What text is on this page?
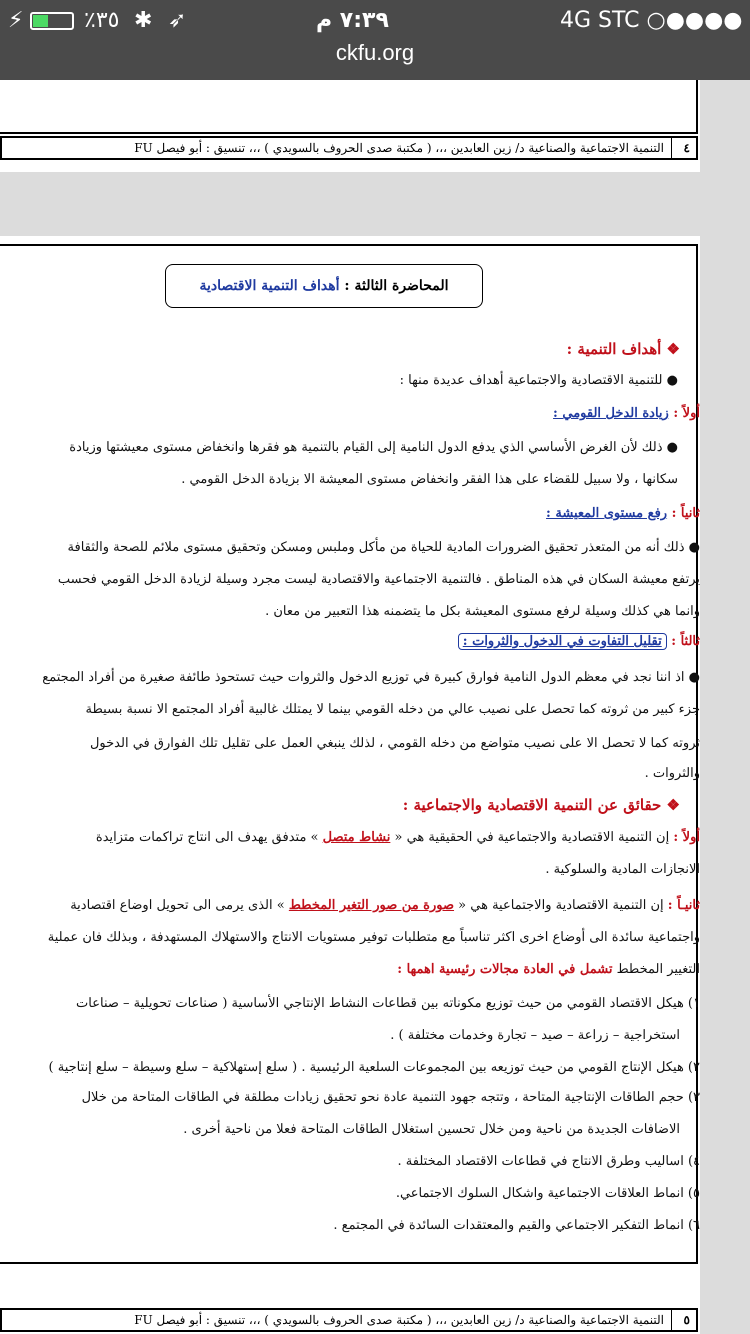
⚡	٪٣٥ ✱ ➶	٧:٣٩ م	4G STC ○●●●●
ckfu.org
٤
التنمية الاجتماعية والصناعية د/ زين العابدين ،،، ( مكتبة صدى الحروف بالسويدي ) ،،، تنسيق : أبو فيصل FU
المحاضرة الثالثة : أهداف التنمية الاقتصادية
❖ أهداف التنمية :
● للتنمية الاقتصادية والاجتماعية أهداف عديدة منها :
أولاً : زيادة الدخل القومي :
● ذلك لأن الغرض الأساسي الذي يدفع الدول النامية إلى القيام بالتنمية هو فقرها وانخفاض مستوى معيشتها وزيادة
سكانها ، ولا سبيل للقضاء على هذا الفقر وانخفاض مستوى المعيشة الا بزيادة الدخل القومي .
ثانياً : رفع مستوى المعيشة :
● ذلك أنه من المتعذر تحقيق الضرورات المادية للحياة من مأكل وملبس ومسكن وتحقيق مستوى ملائم للصحة والثقافة
يرتفع معيشة السكان في هذه المناطق . فالتنمية الاجتماعية والاقتصادية ليست مجرد وسيلة لزيادة الدخل القومي فحسب
وانما هي كذلك وسيلة لرفع مستوى المعيشة بكل ما يتضمنه هذا التعبير من معان .
ثالثاً : تقليل التفاوت في الدخول والثروات :
● اذ اننا نجد في معظم الدول النامية فوارق كبيرة في توزيع الدخول والثروات حيث تستحوذ طائفة صغيرة من أفراد المجتمع
جزء كبير من ثروته كما تحصل على نصيب عالي من دخله القومي بينما لا يمتلك غالبية أفراد المجتمع الا نسبة بسيطة
ثروته كما لا تحصل الا على نصيب متواضع من دخله القومي ، لذلك ينبغي العمل على تقليل تلك الفوارق في الدخول
والثروات .
❖ حقائق عن التنمية الاقتصادية والاجتماعية :
أولاً : إن التنمية الاقتصادية والاجتماعية في الحقيقية هي « نشاط متصل » متدفق يهدف الى انتاج تراكمات متزايدة
الانجازات المادية والسلوكية .
ثانيـاً : إن التنمية الاقتصادية والاجتماعية هي « صورة من صور التغير المخطط » الذى يرمى الى تحويل اوضاع اقتصادية
واجتماعية سائدة الى أوضاع اخرى اكثر تناسباً مع متطلبات توفير مستويات الانتاج والاستهلاك المستهدفة ، وبذلك فان عملية
التغيير المخطط تشمل في العادة مجالات رئيسية اهمها :
١) هيكل الاقتصاد القومي من حيث توزيع مكوناته بين قطاعات النشاط الإنتاجي الأساسية ( صناعات تحويلية – صناعات
استخراجية – زراعة – صيد – تجارة وخدمات مختلفة ) .
٢) هيكل الإنتاج القومي من حيث توزيعه بين المجموعات السلعية الرئيسية . ( سلع إستهلاكية – سلع وسيطة – سلع إنتاجية )
٣) حجم الطاقات الإنتاجية المتاحة ، وتتجه جهود التنمية عادة نحو تحقيق زيادات مطلقة في الطاقات المتاحة من خلال
الاضافات الجديدة من ناحية ومن خلال تحسين استغلال الطاقات المتاحة فعلا من ناحية أخرى .
٤) اساليب وطرق الانتاج في قطاعات الاقتصاد المختلفة .
٥) انماط العلاقات الاجتماعية واشكال السلوك الاجتماعي.
٦) انماط التفكير الاجتماعي والقيم والمعتقدات السائدة في المجتمع .
٥
التنمية الاجتماعية والصناعية د/ زين العابدين ،،، ( مكتبة صدى الحروف بالسويدي ) ،،، تنسيق : أبو فيصل FU
